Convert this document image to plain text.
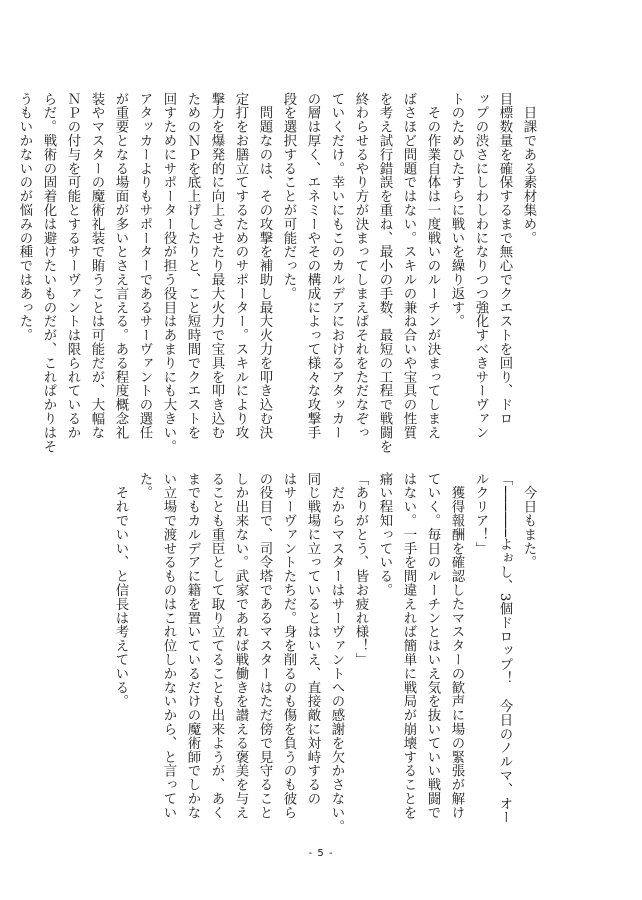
　日課である素材集め。

目標数量を確保するまで無心でクエストを回り、ドロ

ップの渋さにしわしわになりつつ強化すべきサーヴァン

トのためひたすらに戦いを繰り返す。

　その作業自体は一度戦いのルーチンが決まってしまえ

ばさほど問題ではない。スキルの兼ね合いや宝具の性質

を考え試行錯誤を重ね、最小の手数、最短の工程で戦闘を

終わらせるやり方が決まってしまえばそれをただなぞっ

ていくだけ。幸いにもこのカルデアにおけるアタッカー

の層は厚く、エネミーやその構成によって様々な攻撃手

段を選択することが可能だった。

　問題なのは、その攻撃を補助し最大火力を叩き込む決

定打をお膳立てするためのサポーター。スキルにより攻

撃力を爆発的に向上させたり最大火力で宝具を叩き込む

ためのＮＰを底上げしたりと、こと短時間でクエストを

回すためにサポーター役が担う役目はあまりにも大きい。

アタッカーよりもサポーターであるサーヴァントの選任

が重要となる場面が多いとさえ言える。ある程度概念礼

装やマスターの魔術礼装で賄うことは可能だが、大幅な

ＮＰの付与を可能とするサーヴァントは限られているか

らだ。戦術の固着化は避けたいものだが、これぱかりはそ

うもいかないのが悩みの種ではあった。

　今日もまた。

「──────よぉし、3個ドロップ！　今日のノルマ、オー

ルクリア！」

　獲得報酬を確認したマスターの歓声に場の緊張が解け

ていく。毎日のルーチンとはいえ気を抜いていい戦闘で

はない。一手を間違えれば簡単に戦局が崩壊することを

痛い程知っている。

「ありがとう、皆お疲れ様！」

　だからマスターはサーヴァントへの感謝を欠かさない。

同じ戦場に立っているとはいえ、直接敵に対峙するの

はサーヴァントたちだ。身を削るのも傷を負うのも彼ら

の役目で、司令塔であるマスターはただ傍で見守ること

しか出来ない。武家であれば戦働きを讃える褒美を与え

ることも重臣として取り立てることも出来ようが、あく

までもカルデアに籍を置いているだけの魔術師でしかな

い立場で渡せるものはこれ位しかないから、と言ってい

た。

　それでいい、と信長は考えている。

- 5 -
